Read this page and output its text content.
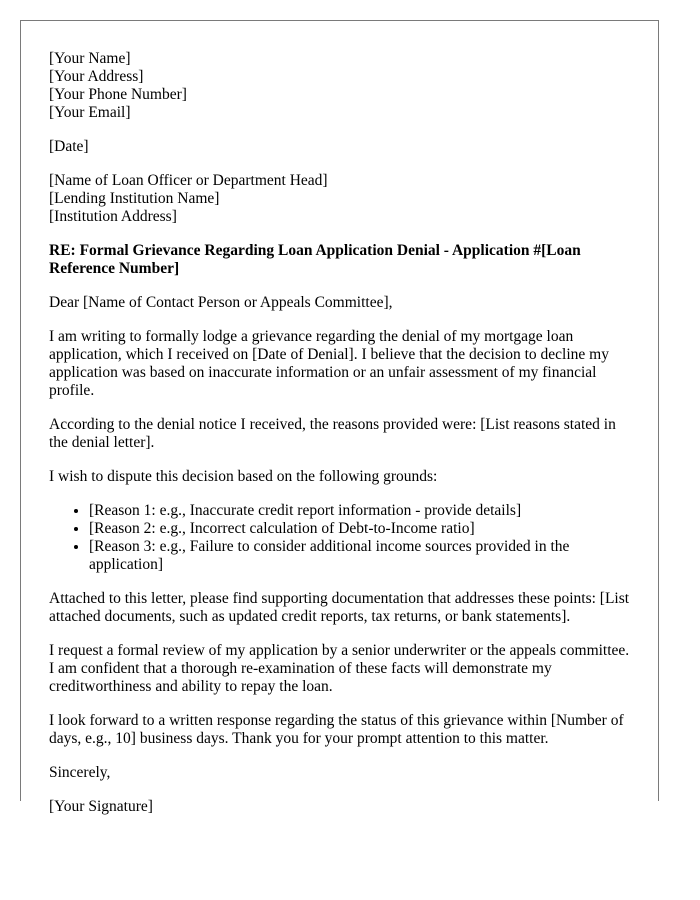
[Your Name]
[Your Address]
[Your Phone Number]
[Your Email]
[Date]
[Name of Loan Officer or Department Head]
[Lending Institution Name]
[Institution Address]
RE: Formal Grievance Regarding Loan Application Denial - Application #[Loan Reference Number]

Dear [Name of Contact Person or Appeals Committee],

I am writing to formally lodge a grievance regarding the denial of my mortgage loan application, which I received on [Date of Denial]. I believe that the decision to decline my application was based on inaccurate information or an unfair assessment of my financial profile.

According to the denial notice I received, the reasons provided were: [List reasons stated in the denial letter].

I wish to dispute this decision based on the following grounds:

• [Reason 1: e.g., Inaccurate credit report information - provide details]
• [Reason 2: e.g., Incorrect calculation of Debt-to-Income ratio]
• [Reason 3: e.g., Failure to consider additional income sources provided in the application]

Attached to this letter, please find supporting documentation that addresses these points: [List attached documents, such as updated credit reports, tax returns, or bank statements].

I request a formal review of my application by a senior underwriter or the appeals committee. I am confident that a thorough re-examination of these facts will demonstrate my creditworthiness and ability to repay the loan.

I look forward to a written response regarding the status of this grievance within [Number of days, e.g., 10] business days. Thank you for your prompt attention to this matter.

Sincerely,

[Your Signature]
